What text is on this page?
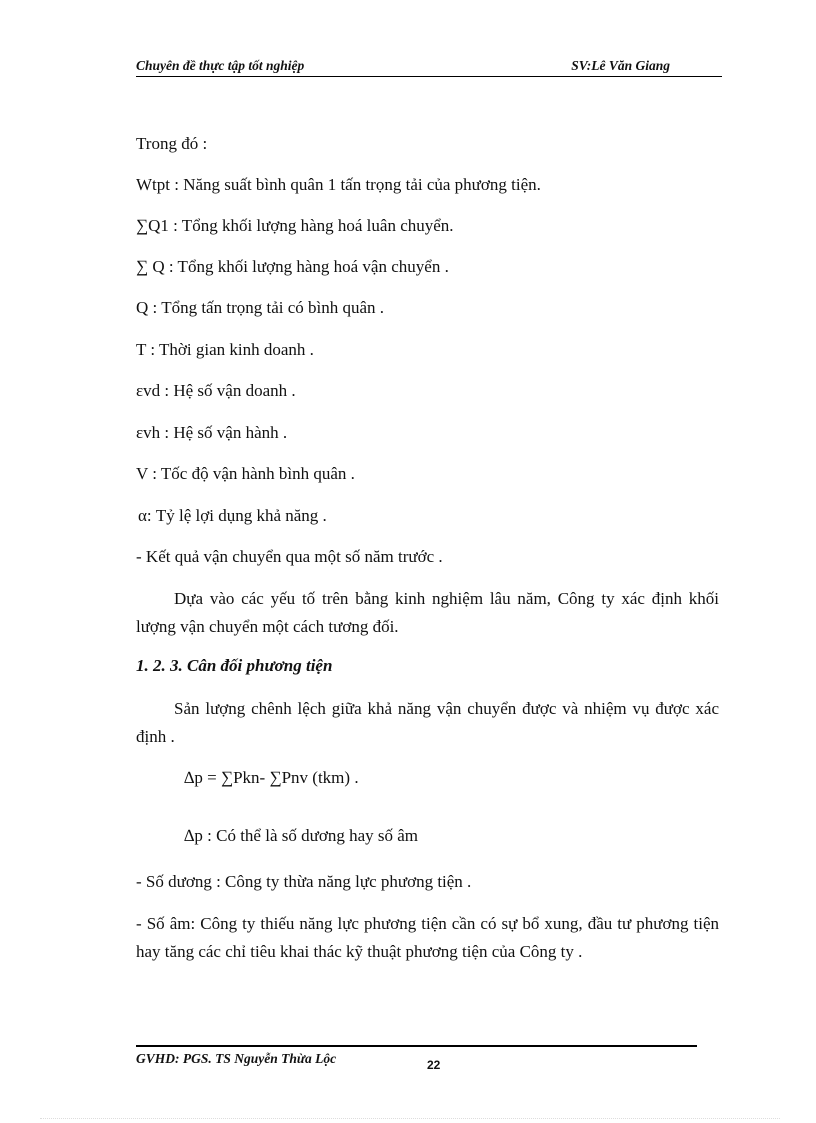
Chuyên đề thực tập tốt nghiệp	SV:Lê Văn Giang
Trong đó :
Wtpt : Năng suất bình quân 1 tấn trọng tải của phương tiện.
∑Q1 : Tổng khối lượng hàng hoá luân chuyển.
∑ Q : Tổng khối lượng hàng hoá vận chuyển .
Q : Tổng tấn trọng tải có bình quân .
T : Thời gian kinh doanh .
εvd : Hệ số vận doanh .
εvh : Hệ số vận hành .
V : Tốc độ vận hành bình quân .
α: Tỷ lệ lợi dụng khả năng .
- Kết quả vận chuyển qua một số năm trước .
Dựa vào các yếu tố trên bằng kinh nghiệm lâu năm, Công ty xác định khối lượng vận chuyển một cách tương đối.
1. 2. 3. Cân đối phương tiện
Sản lượng chênh lệch giữa khả năng vận chuyển được và nhiệm vụ được xác định .
∆p = ∑Pkn- ∑Pnv (tkm) .
∆p : Có thể là số dương hay số âm
- Số dương : Công ty thừa năng lực phương tiện .
- Số âm: Công ty thiếu năng lực phương tiện cần có sự bổ xung, đầu tư phương tiện hay tăng các chỉ tiêu khai thác kỹ thuật phương tiện của Công ty .
GVHD: PGS. TS Nguyễn Thừa Lộc	22
